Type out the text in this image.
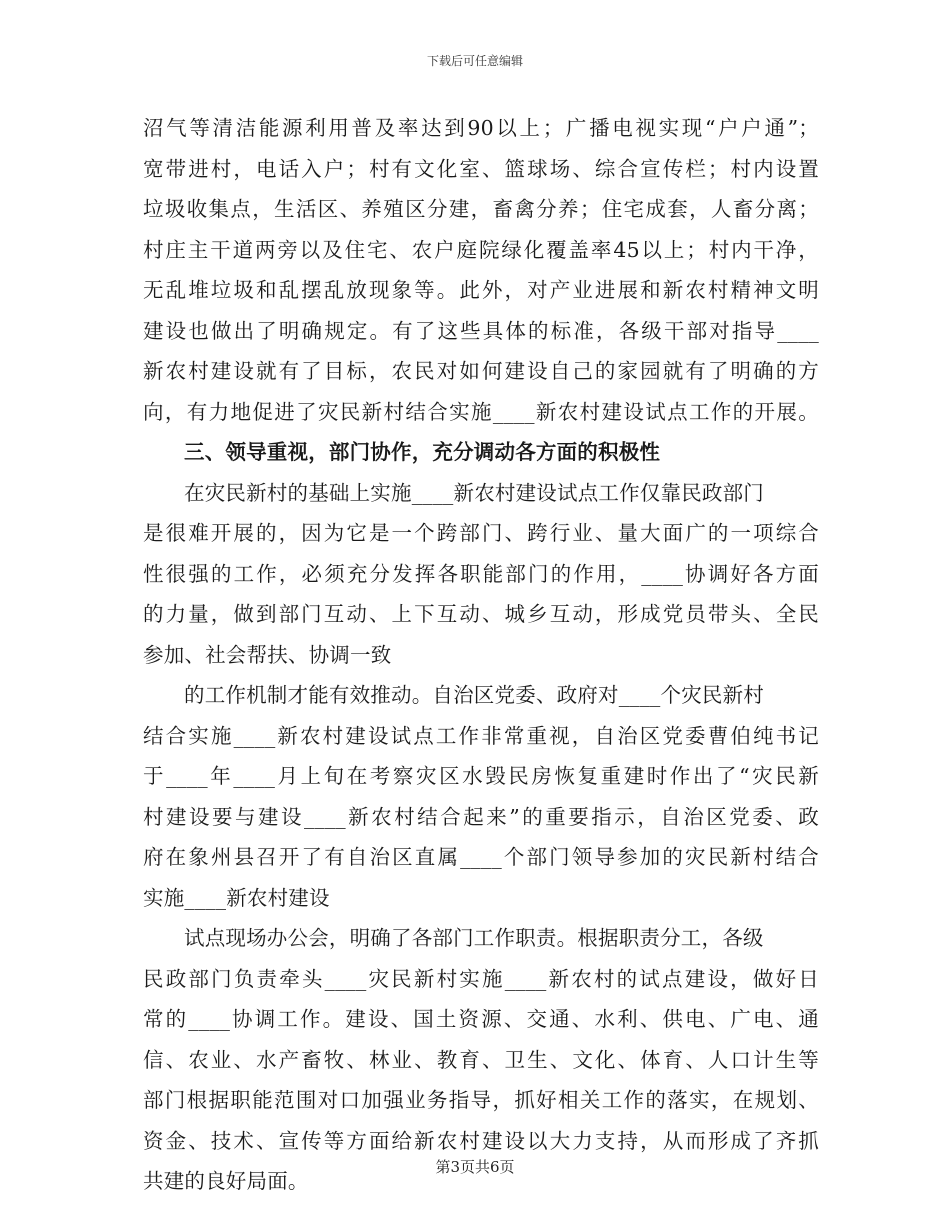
下载后可任意编辑
沼气等清洁能源利用普及率达到90以上；广播电视实现“户户通”；
宽带进村，电话入户；村有文化室、篮球场、综合宣传栏；村内设置
垃圾收集点，生活区、养殖区分建，畜禽分养；住宅成套，人畜分离；
村庄主干道两旁以及住宅、农户庭院绿化覆盖率45以上；村内干净，
无乱堆垃圾和乱摆乱放现象等。此外，对产业进展和新农村精神文明
建设也做出了明确规定。有了这些具体的标准，各级干部对指导____
新农村建设就有了目标，农民对如何建设自己的家园就有了明确的方
向，有力地促进了灾民新村结合实施____新农村建设试点工作的开展。
三、领导重视，部门协作，充分调动各方面的积极性
在灾民新村的基础上实施____新农村建设试点工作仅靠民政部门
是很难开展的，因为它是一个跨部门、跨行业、量大面广的一项综合
性很强的工作，必须充分发挥各职能部门的作用，____协调好各方面
的力量，做到部门互动、上下互动、城乡互动，形成党员带头、全民
参加、社会帮扶、协调一致
的工作机制才能有效推动。自治区党委、政府对____个灾民新村
结合实施____新农村建设试点工作非常重视，自治区党委曹伯纯书记
于____年____月上旬在考察灾区水毁民房恢复重建时作出了“灾民新
村建设要与建设____新农村结合起来”的重要指示，自治区党委、政
府在象州县召开了有自治区直属____个部门领导参加的灾民新村结合
实施____新农村建设
试点现场办公会，明确了各部门工作职责。根据职责分工，各级
民政部门负责牵头____灾民新村实施____新农村的试点建设，做好日
常的____协调工作。建设、国土资源、交通、水利、供电、广电、通
信、农业、水产畜牧、林业、教育、卫生、文化、体育、人口计生等
部门根据职能范围对口加强业务指导，抓好相关工作的落实，在规划、
资金、技术、宣传等方面给新农村建设以大力支持，从而形成了齐抓
共建的良好局面。
第3页共6页
